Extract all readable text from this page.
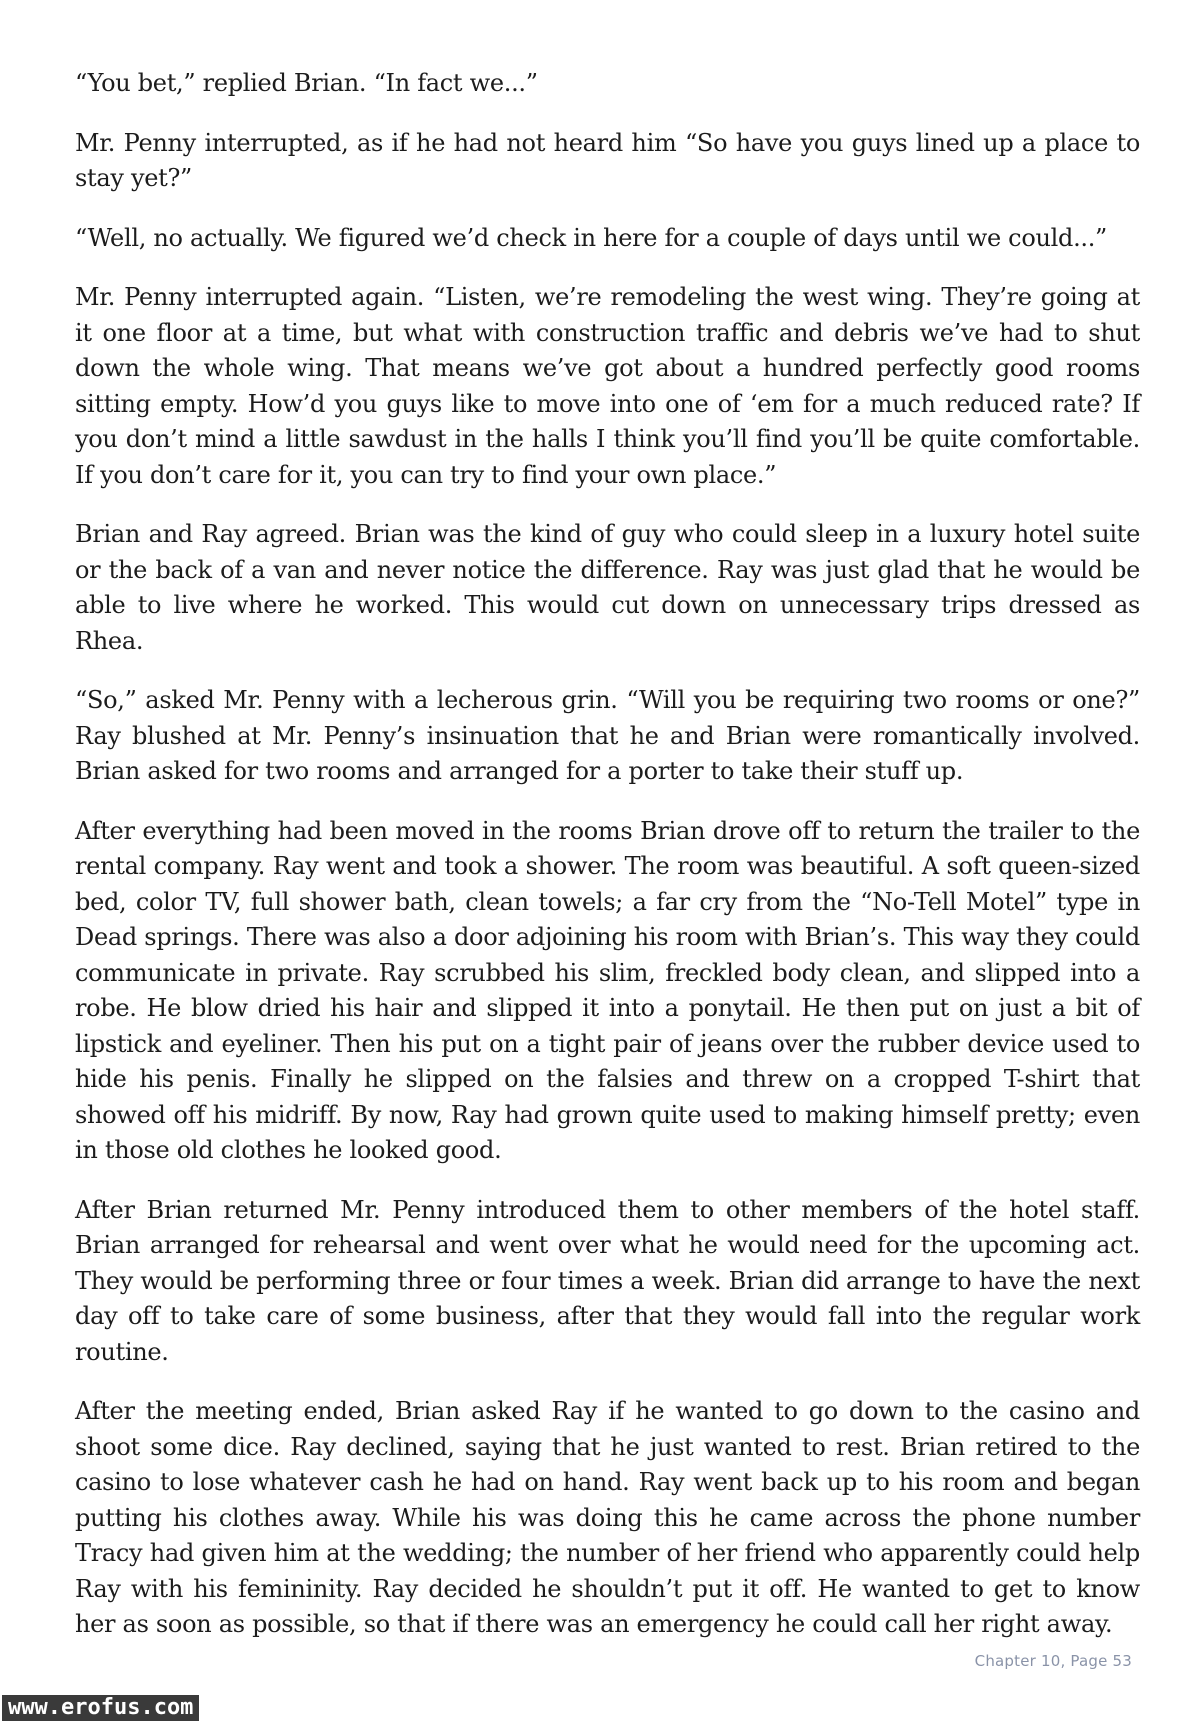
“You bet,” replied Brian. “In fact we...”

Mr. Penny interrupted, as if he had not heard him “So have you guys lined up a place to stay yet?”

“Well, no actually. We figured we’d check in here for a couple of days until we could...”

Mr. Penny interrupted again. “Listen, we’re remodeling the west wing. They’re going at it one floor at a time, but what with construction traffic and debris we’ve had to shut down the whole wing. That means we’ve got about a hundred perfectly good rooms sitting empty. How’d you guys like to move into one of ‘em for a much reduced rate? If you don’t mind a little sawdust in the halls I think you’ll find you’ll be quite comfortable. If you don’t care for it, you can try to find your own place.”

Brian and Ray agreed. Brian was the kind of guy who could sleep in a luxury hotel suite or the back of a van and never notice the difference. Ray was just glad that he would be able to live where he worked. This would cut down on unnecessary trips dressed as Rhea.

“So,” asked Mr. Penny with a lecherous grin. “Will you be requiring two rooms or one?” Ray blushed at Mr. Penny’s insinuation that he and Brian were romantically involved. Brian asked for two rooms and arranged for a porter to take their stuff up.

After everything had been moved in the rooms Brian drove off to return the trailer to the rental company. Ray went and took a shower. The room was beautiful. A soft queen-sized bed, color TV, full shower bath, clean towels; a far cry from the “No-Tell Motel” type in Dead springs. There was also a door adjoining his room with Brian’s. This way they could communicate in private. Ray scrubbed his slim, freckled body clean, and slipped into a robe. He blow dried his hair and slipped it into a ponytail. He then put on just a bit of lipstick and eyeliner. Then his put on a tight pair of jeans over the rubber device used to hide his penis. Finally he slipped on the falsies and threw on a cropped T-shirt that showed off his midriff. By now, Ray had grown quite used to making himself pretty; even in those old clothes he looked good.

After Brian returned Mr. Penny introduced them to other members of the hotel staff. Brian arranged for rehearsal and went over what he would need for the upcoming act. They would be performing three or four times a week. Brian did arrange to have the next day off to take care of some business, after that they would fall into the regular work routine.

After the meeting ended, Brian asked Ray if he wanted to go down to the casino and shoot some dice. Ray declined, saying that he just wanted to rest. Brian retired to the casino to lose whatever cash he had on hand. Ray went back up to his room and began putting his clothes away. While his was doing this he came across the phone number Tracy had given him at the wedding; the number of her friend who apparently could help Ray with his femininity. Ray decided he shouldn’t put it off. He wanted to get to know her as soon as possible, so that if there was an emergency he could call her right away.

Chapter 10, Page 53
www.erofus.com
